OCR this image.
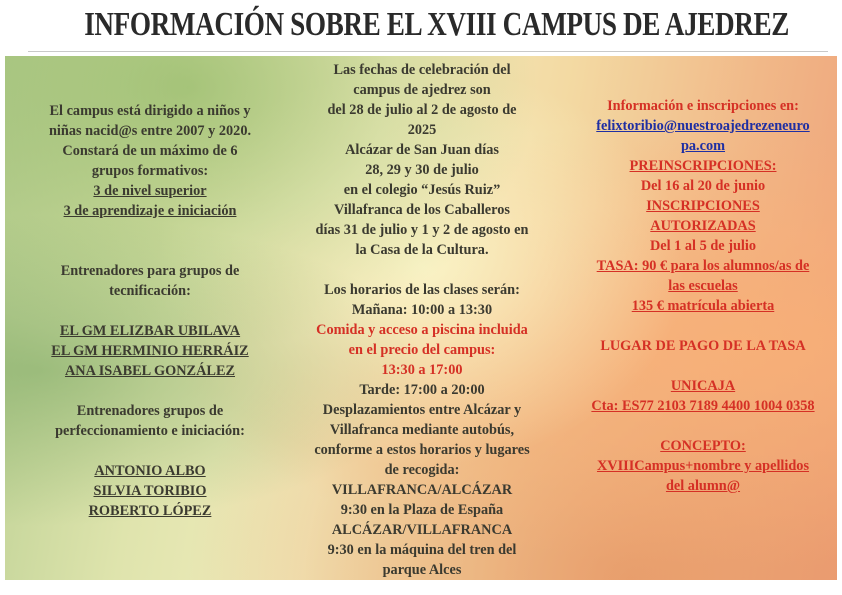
INFORMACIÓN SOBRE EL XVIII CAMPUS DE AJEDREZ
El campus está dirigido a niños y
niñas nacid@s entre 2007 y 2020.
Constará de un máximo de 6
grupos formativos:
3 de nivel superior
3 de aprendizaje e iniciación
Entrenadores para grupos de
tecnificación:
EL GM ELIZBAR UBILAVA
EL GM HERMINIO HERRÁIZ
ANA ISABEL GONZÁLEZ
Entrenadores grupos de
perfeccionamiento e iniciación:
ANTONIO ALBO
SILVIA TORIBIO
ROBERTO LÓPEZ
Las fechas de celebración del
campus de ajedrez son
del 28 de julio al 2 de agosto de
2025
Alcázar de San Juan días
28, 29 y 30 de julio
en el colegio “Jesús Ruiz”
Villafranca de los Caballeros
días 31 de julio y 1 y 2 de agosto en
la Casa de la Cultura.
Los horarios de las clases serán:
Mañana: 10:00 a 13:30
Comida y acceso a piscina incluida
en el precio del campus:
13:30 a 17:00
Tarde: 17:00 a 20:00
Desplazamientos entre Alcázar y
Villafranca mediante autobús,
conforme a estos horarios y lugares
de recogida:
VILLAFRANCA/ALCÁZAR
9:30 en la Plaza de España
ALCÁZAR/VILLAFRANCA
9:30 en la máquina del tren del
parque Alces
Información e inscripciones en:
felixtoribio@nuestroajedrezeneuro
pa.com
PREINSCRIPCIONES:
Del 16 al 20 de junio
INSCRIPCIONES
AUTORIZADAS
Del 1 al 5 de julio
TASA: 90 € para los alumnos/as de
las escuelas
135 € matrícula abierta
LUGAR DE PAGO DE LA TASA
UNICAJA
Cta: ES77 2103 7189 4400 1004 0358
CONCEPTO:
XVIIICampus+nombre y apellidos
del alumn@
